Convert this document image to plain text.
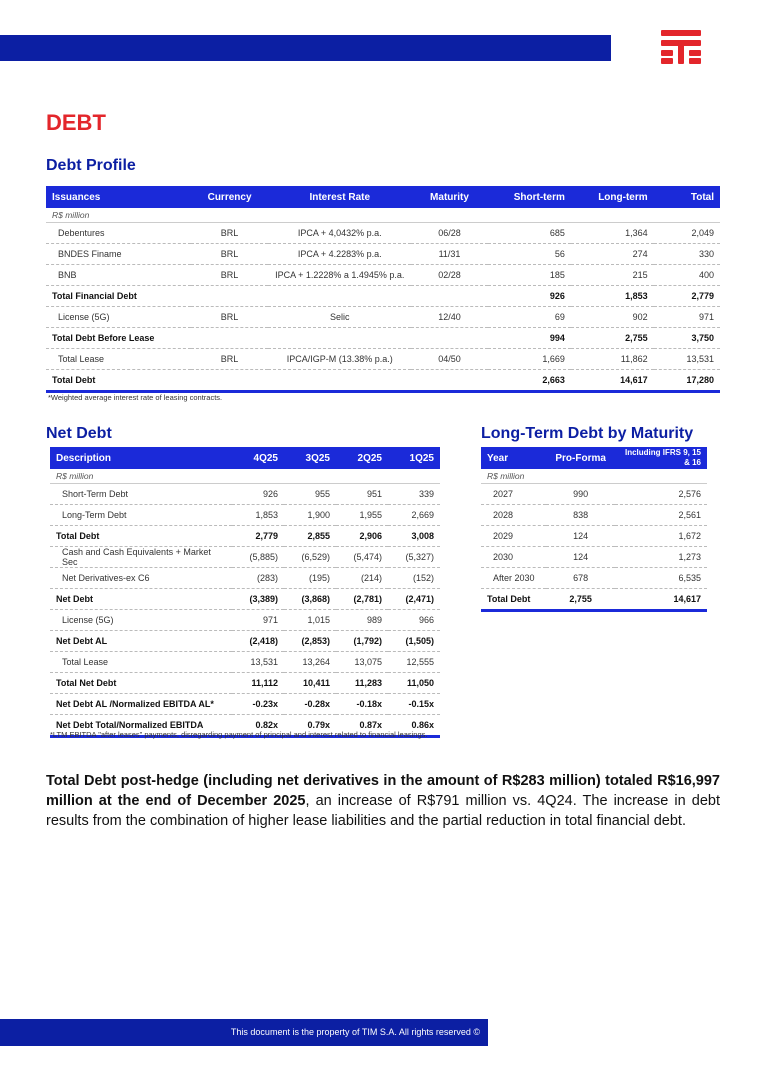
DEBT
Debt Profile
Issuances	Currency	Interest Rate	Maturity	Short-term	Long-term	Total
R$ million						
Debentures	BRL	IPCA + 4,0432% p.a.	06/28	685	1,364	2,049
BNDES Finame	BRL	IPCA + 4.2283% p.a.	11/31	56	274	330
BNB	BRL	IPCA + 1.2228% a 1.4945% p.a.	02/28	185	215	400
Total Financial Debt				926	1,853	2,779
License (5G)	BRL	Selic	12/40	69	902	971
Total Debt Before Lease				994	2,755	3,750
Total Lease	BRL	IPCA/IGP-M (13.38% p.a.)	04/50	1,669	11,862	13,531
Total Debt				2,663	14,617	17,280
*Weighted average interest rate of leasing contracts.
Net Debt
Description	4Q25	3Q25	2Q25	1Q25
R$ million				
Short-Term Debt	926	955	951	339
Long-Term Debt	1,853	1,900	1,955	2,669
Total Debt	2,779	2,855	2,906	3,008
Cash and Cash Equivalents + Market Sec	(5,885)	(6,529)	(5,474)	(5,327)
Net Derivatives-ex C6	(283)	(195)	(214)	(152)
Net Debt	(3,389)	(3,868)	(2,781)	(2,471)
License (5G)	971	1,015	989	966
Net Debt AL	(2,418)	(2,853)	(1,792)	(1,505)
Total Lease	13,531	13,264	13,075	12,555
Total Net Debt	11,112	10,411	11,283	11,050
Net Debt AL /Normalized EBITDA AL*	-0.23x	-0.28x	-0.18x	-0.15x
Net Debt Total/Normalized EBITDA	0.82x	0.79x	0.87x	0.86x
*LTM EBITDA "after leases" payments, disregarding payment of principal and interest related to financial leasings.
Long-Term Debt by Maturity
Year	Pro-Forma	Including IFRS 9, 15 & 16
R$ million		
2027	990	2,576
2028	838	2,561
2029	124	1,672
2030	124	1,273
After 2030	678	6,535
Total Debt	2,755	14,617
Total Debt post-hedge (including net derivatives in the amount of R$283 million) totaled R$16,997 million at the end of December 2025, an increase of R$791 million vs. 4Q24. The increase in debt results from the combination of higher lease liabilities and the partial reduction in total financial debt.
This document is the property of TIM S.A. All rights reserved ©
